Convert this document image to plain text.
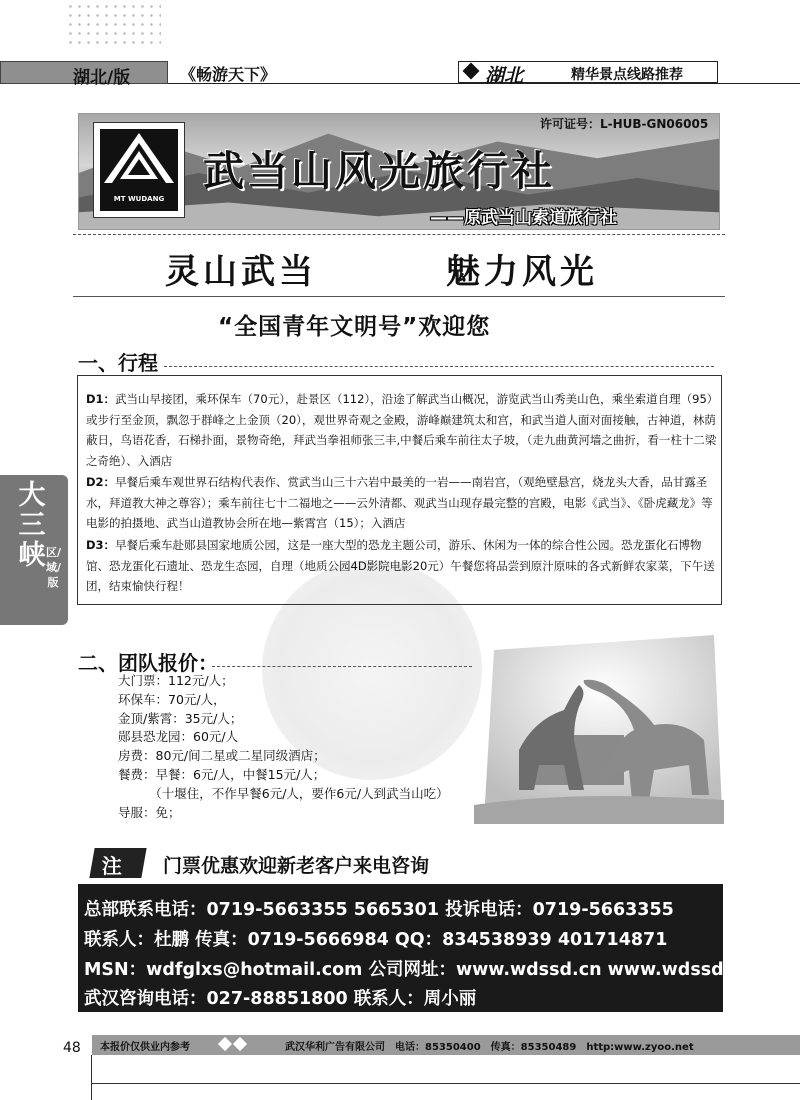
湖北/版	《畅游天下》	湖北	精华景点线路推荐
MT WUDANG
许可证号：L-HUB-GN06005
武当山风光旅行社
——原武当山索道旅行社
灵山武当	魅力风光
“全国青年文明号”欢迎您
一、行程
D1：武当山早接团，乘环保车（70元），赴景区（112），沿途了解武当山概况，游览武当山秀美山色，乘坐索道自理（95）或步行至金顶，飘忽于群峰之上金顶（20），观世界奇观之金殿，游峰巅建筑太和宫，和武当道人面对面接触，古神道，林荫蔽日，鸟语花香，石梯扑面，景物奇绝，拜武当拳祖师张三丰,中餐后乘车前往太子坡，（走九曲黄河墙之曲折，看一柱十二梁之奇绝）、入酒店
D2：早餐后乘车观世界石结构代表作、赏武当山三十六岩中最美的一岩——南岩宫，（观绝壁悬宫，烧龙头大香，品甘露圣水，拜道教大神之尊容）；乘车前往七十二福地之——云外清都、观武当山现存最完整的宫殿，电影《武当》、《卧虎藏龙》等电影的拍摄地、武当山道教协会所在地—紫霄宫（15）；入酒店
D3：早餐后乘车赴郧县国家地质公园，这是一座大型的恐龙主题公司，游乐、休闲为一体的综合性公园。恐龙蛋化石博物馆、恐龙蛋化石遗址、恐龙生态园，自理（地质公园4D影院电影20元）午餐您将品尝到原汁原味的各式新鲜农家菜，下午送团，结束愉快行程！
大三峡 区/域/版
二、团队报价：
大门票：112元/人；
环保车：70元/人，
金顶/紫霄：35元/人；
郧县恐龙园：60元/人
房费：80元/间二星或二星同级酒店；
餐费：早餐：6元/人，中餐15元/人；
　　　（十堰住，不作早餐6元/人，要作6元/人到武当山吃）
导服：免；
注 门票优惠欢迎新老客户来电咨询
总部联系电话：0719-5663355 5665301 投诉电话：0719-5663355
联系人：杜鹏 传真：0719-5666984 QQ：834538939 401714871
MSN：wdfglxs@hotmail.com 公司网址：www.wdssd.cn www.wdssd.com.cn
武汉咨询电话：027-88851800 联系人：周小丽
48 本报价仅供业内参考	武汉华利广告有限公司　电话：85350400　传真：85350489　http:www.zyoo.net
